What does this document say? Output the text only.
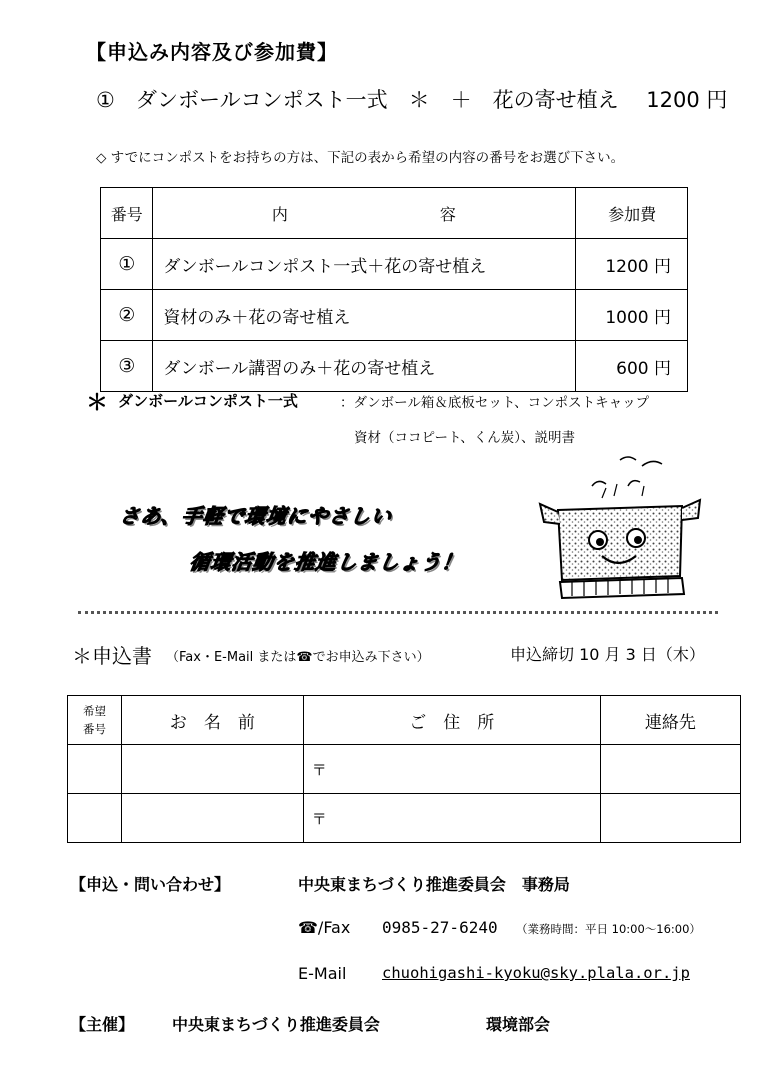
【申込み内容及び参加費】
①　ダンボールコンポスト一式　＊　＋　花の寄せ植え　 1200 円
◇ すでにコンポストをお持ちの方は、下記の表から希望の内容の番号をお選び下さい。
番号	内　　容	参加費
①	ダンボールコンポスト一式＋花の寄せ植え	1200 円
②	資材のみ＋花の寄せ植え	1000 円
③	ダンボール講習のみ＋花の寄せ植え	600 円
＊ ダンボールコンポスト一式	：ダンボール箱＆底板セット、コンポストキャップ
資材（ココピート、くん炭）、説明書
さあ、手軽で環境にやさしい
循環活動を推進しましょう！
＊申込書 （Fax・E-Mail または☎でお申込み下さい）	申込締切 10 月 3 日（木）
希望
番号	お　名　前	ご　住　所	連絡先
		〒	
		〒	
【申込・問い合わせ】	中央東まちづくり推進委員会　事務局
☎/Fax 0985-27-6240 （業務時間：平日 10:00～16:00）
E-Mail chuohigashi-kyoku@sky.plala.or.jp
【主催】 中央東まちづくり推進委員会	環境部会
